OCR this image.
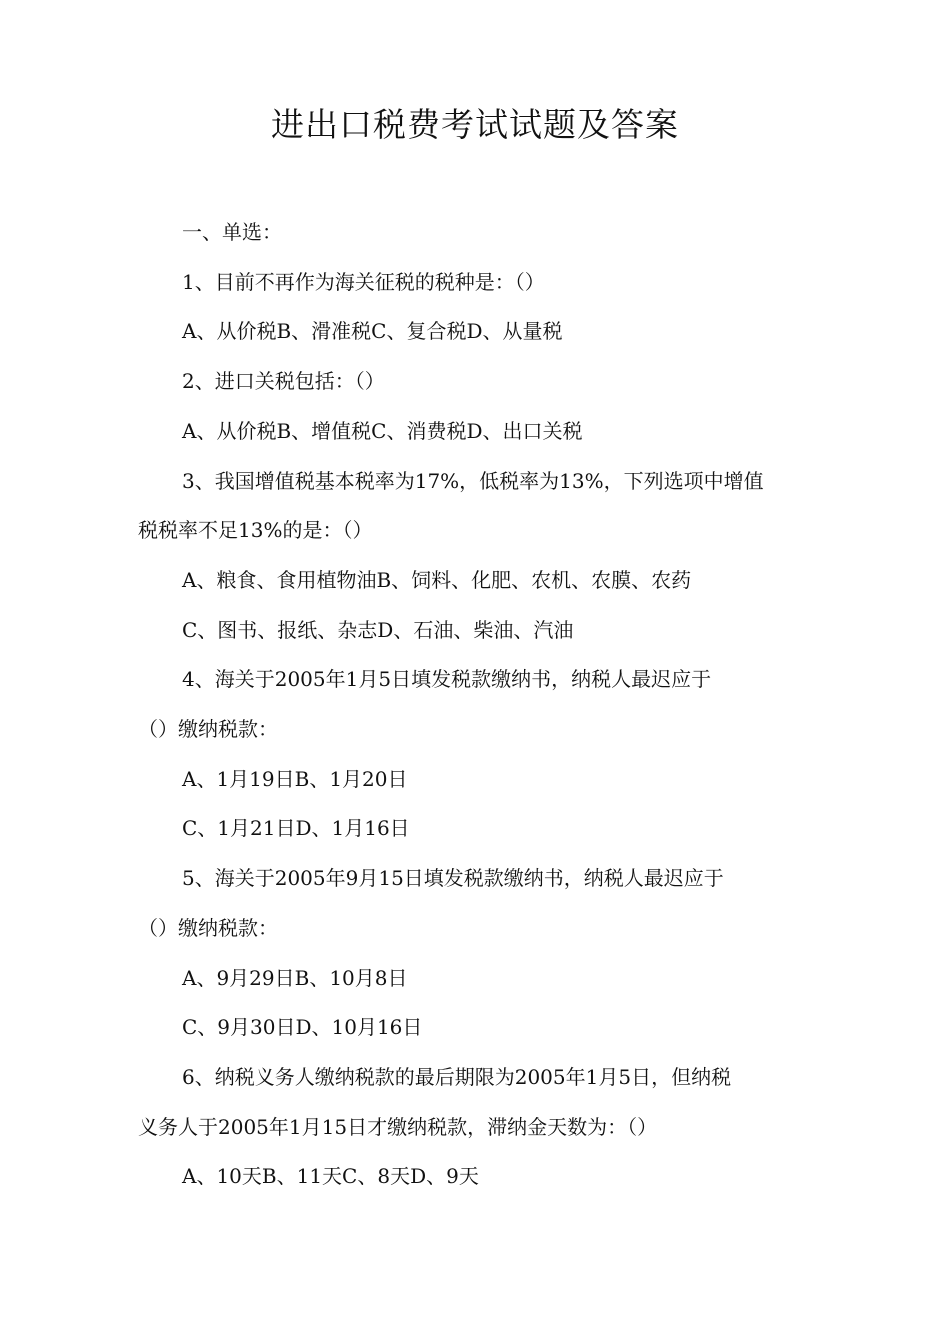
进出口税费考试试题及答案

一、单选：

1、目前不再作为海关征税的税种是：（）

A、从价税B、滑准税C、复合税D、从量税

2、进口关税包括：（）

A、从价税B、增值税C、消费税D、出口关税

3、我国增值税基本税率为17%，低税率为13%，下列选项中增值

税税率不足13%的是：（）

A、粮食、食用植物油B、饲料、化肥、农机、农膜、农药

C、图书、报纸、杂志D、石油、柴油、汽油

4、海关于2005年1月5日填发税款缴纳书，纳税人最迟应于

（）缴纳税款：

A、1月19日B、1月20日

C、1月21日D、1月16日

5、海关于2005年9月15日填发税款缴纳书，纳税人最迟应于

（）缴纳税款：

A、9月29日B、10月8日

C、9月30日D、10月16日

6、纳税义务人缴纳税款的最后期限为2005年1月5日，但纳税

义务人于2005年1月15日才缴纳税款，滞纳金天数为：（）

A、10天B、11天C、8天D、9天
